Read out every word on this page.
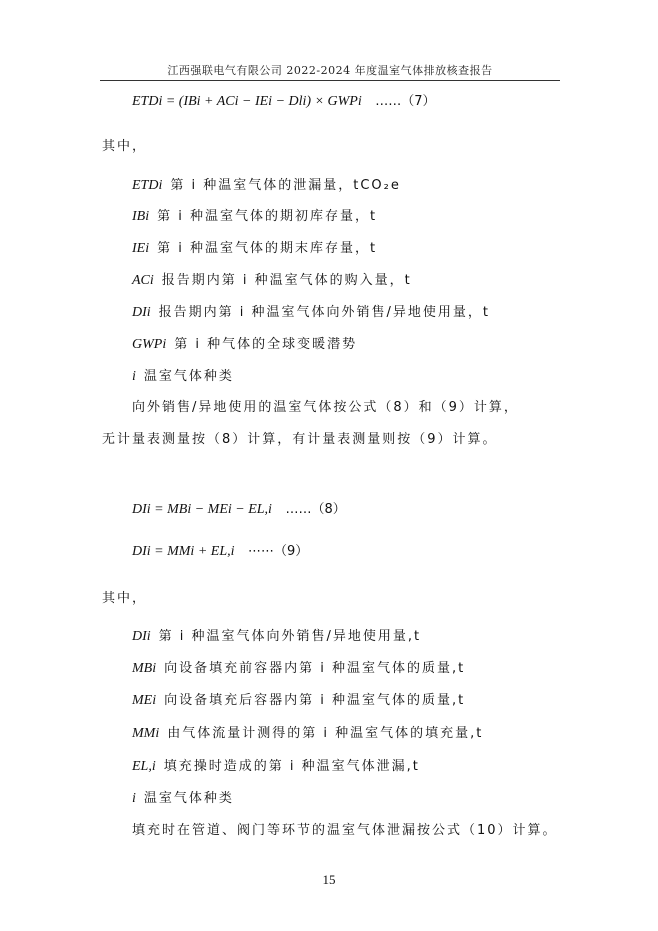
江西强联电气有限公司 2022-2024 年度温室气体排放核查报告
ETDi = (IBi + ACi − IEi − Dli) × GWPi ……（7）
其中，
ETDi 第 i 种温室气体的泄漏量，tCO₂e
IBi 第 i 种温室气体的期初库存量，t
IEi 第 i 种温室气体的期末库存量，t
ACi 报告期内第 i 种温室气体的购入量，t
DIi 报告期内第 i 种温室气体向外销售/异地使用量，t
GWPi 第 i 种气体的全球变暖潜势
i 温室气体种类
向外销售/异地使用的温室气体按公式（8）和（9）计算，
无计量表测量按（8）计算，有计量表测量则按（9）计算。
DIi = MBi − MEi − EL,i ……（8）
DIi = MMi + EL,i ⋯⋯（9）
其中，
DIi 第 i 种温室气体向外销售/异地使用量,t
MBi 向设备填充前容器内第 i 种温室气体的质量,t
MEi 向设备填充后容器内第 i 种温室气体的质量,t
MMi 由气体流量计测得的第 i 种温室气体的填充量,t
EL,i 填充操时造成的第 i 种温室气体泄漏,t
i 温室气体种类
填充时在管道、阀门等环节的温室气体泄漏按公式（10）计算。
15
